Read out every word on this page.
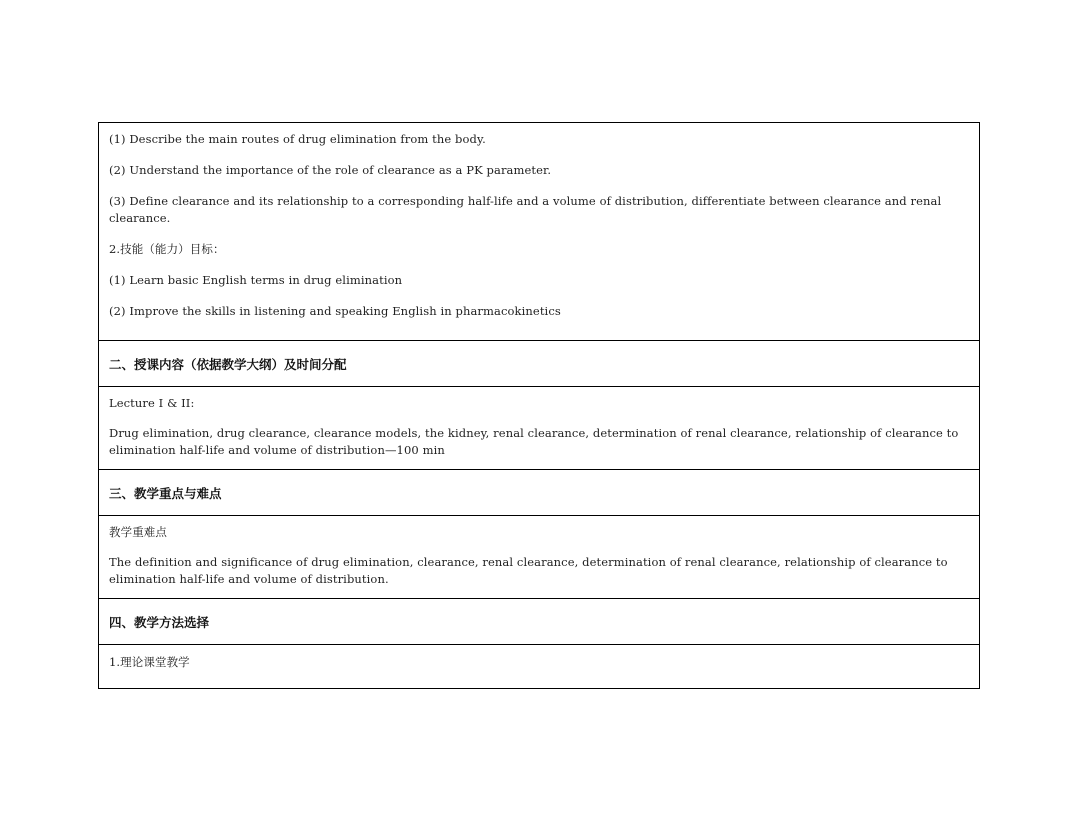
(1) Describe the main routes of drug elimination from the body.

(2) Understand the importance of the role of clearance as a PK parameter.

(3) Define clearance and its relationship to a corresponding half-life and a volume of distribution, differentiate between clearance and renal clearance.

2.技能（能力）目标：

(1) Learn basic English terms in drug elimination

(2) Improve the skills in listening and speaking English in pharmacokinetics

二、授课内容（依据教学大纲）及时间分配

Lecture I & II:

Drug elimination, drug clearance, clearance models, the kidney, renal clearance, determination of renal clearance, relationship of clearance to elimination half-life and volume of distribution—100 min

三、教学重点与难点

教学重难点

The definition and significance of drug elimination, clearance, renal clearance, determination of renal clearance, relationship of clearance to elimination half-life and volume of distribution.

四、教学方法选择

1.理论课堂教学
